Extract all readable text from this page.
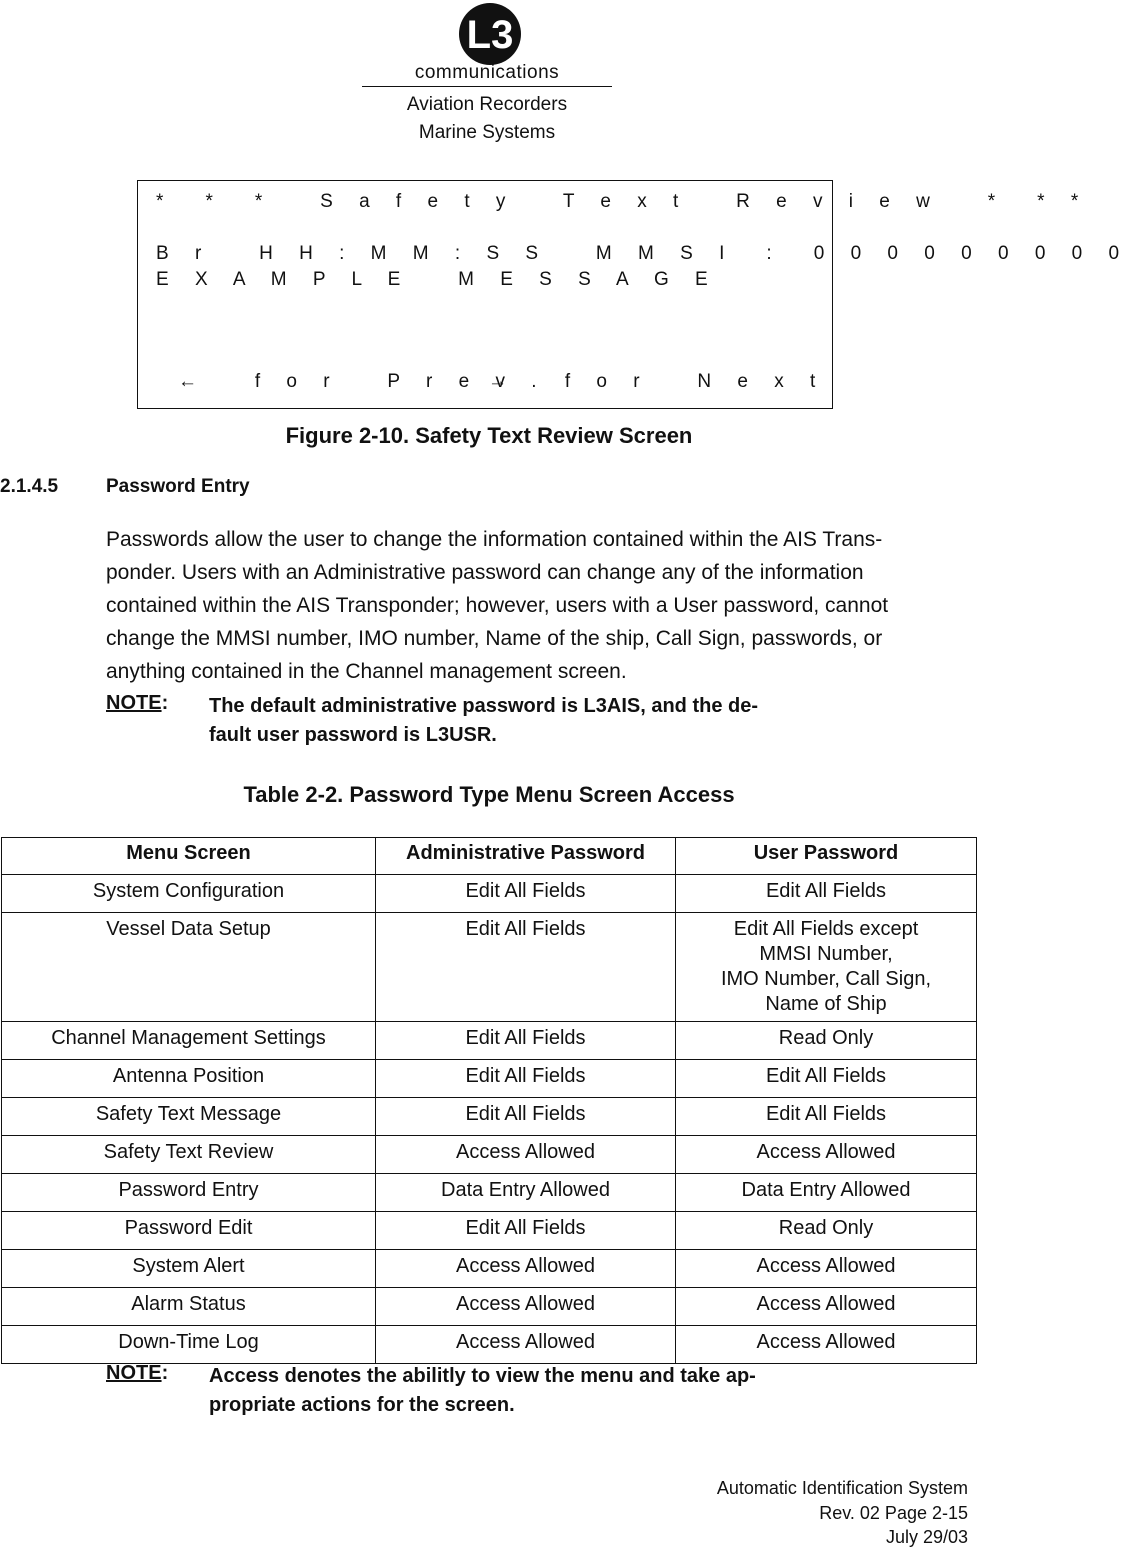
L3
communications
Aviation Recorders
Marine Systems
*  *  *   S a f e t y   T e x t   R e v i e w   *  * *
B r   H H : M M : S S   M M S I  :  0 0 0 0 0 0 0 0 0
E X A M P L E   M E S S A G E
←   f o r   P r e v .
→   f o r   N e x t
Figure 2-10. Safety Text Review Screen
2.1.4.5	Password Entry
Passwords allow the user to change the information contained within the AIS Trans-
ponder. Users with an Administrative password can change any of the information
contained within the AIS Transponder; however, users with a User password, cannot
change the MMSI number, IMO number, Name of the ship, Call Sign, passwords, or
anything contained in the Channel management screen.
NOTE: The default administrative password is L3AIS, and the de-
fault user password is L3USR.
Table 2-2. Password Type Menu Screen Access
Menu Screen	Administrative Password	User Password
System Configuration	Edit All Fields	Edit All Fields
Vessel Data Setup	Edit All Fields	Edit All Fields except
MMSI Number,
IMO Number, Call Sign,
Name of Ship

Channel Management Settings	Edit All Fields	Read Only
Antenna Position	Edit All Fields	Edit All Fields
Safety Text Message	Edit All Fields	Edit All Fields
Safety Text Review	Access Allowed	Access Allowed
Password Entry	Data Entry Allowed	Data Entry Allowed
Password Edit	Edit All Fields	Read Only
System Alert	Access Allowed	Access Allowed
Alarm Status	Access Allowed	Access Allowed
Down-Time Log	Access Allowed	Access Allowed
NOTE: Access denotes the abilitly to view the menu and take ap-
propriate actions for the screen.
Automatic Identification System
Rev. 02 Page 2-15
July 29/03
